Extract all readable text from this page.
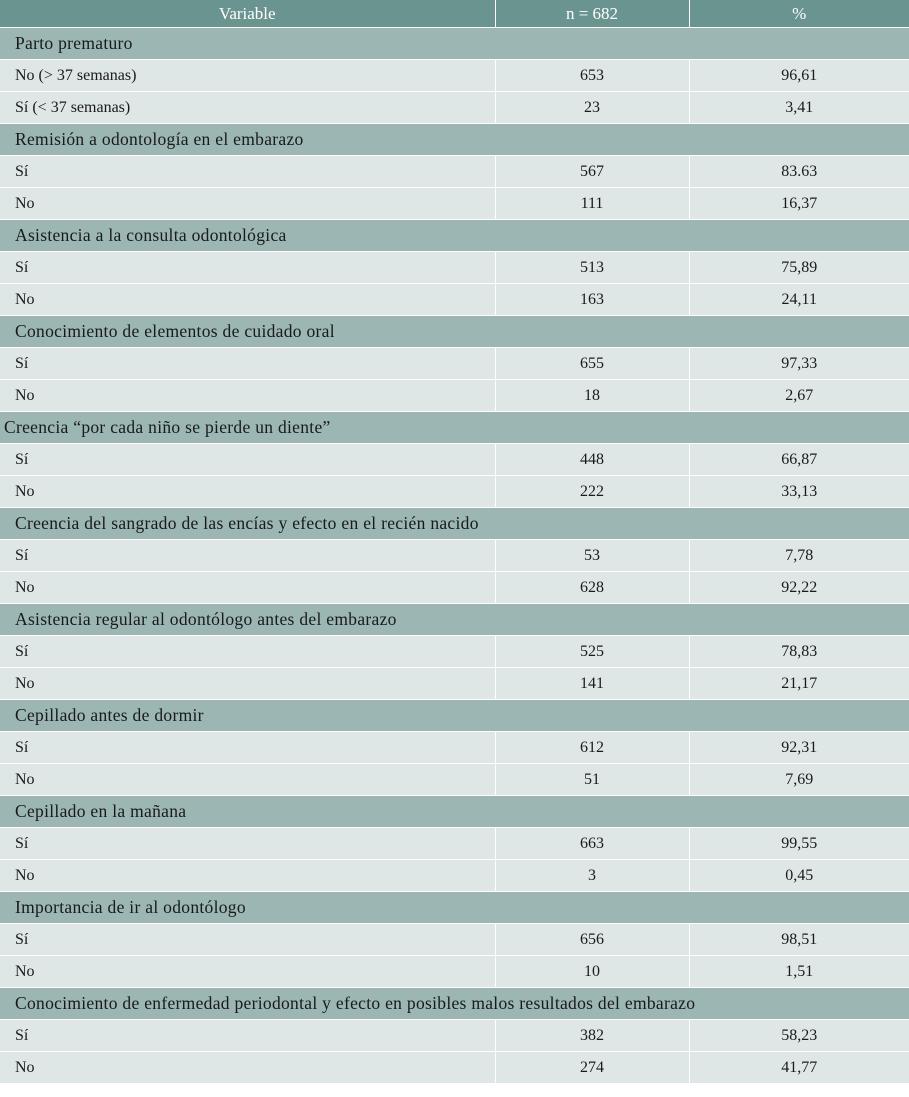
Variable	n = 682	%
Parto prematuro		
No (> 37 semanas)	653	96,61
Sí (< 37 semanas)	23	3,41
Remisión a odontología en el embarazo		
Sí	567	83.63
No	111	16,37
Asistencia a la consulta odontológica		
Sí	513	75,89
No	163	24,11
Conocimiento de elementos de cuidado oral		
Sí	655	97,33
No	18	2,67
Creencia “por cada niño se pierde un diente”		
Sí	448	66,87
No	222	33,13
Creencia del sangrado de las encías y efecto en el recién nacido		
Sí	53	7,78
No	628	92,22
Asistencia regular al odontólogo antes del embarazo		
Sí	525	78,83
No	141	21,17
Cepillado antes de dormir		
Sí	612	92,31
No	51	7,69
Cepillado en la mañana		
Sí	663	99,55
No	3	0,45
Importancia de ir al odontólogo		
Sí	656	98,51
No	10	1,51
Conocimiento de enfermedad periodontal y efecto en posibles malos resultados del embarazo		
Sí	382	58,23
No	274	41,77
